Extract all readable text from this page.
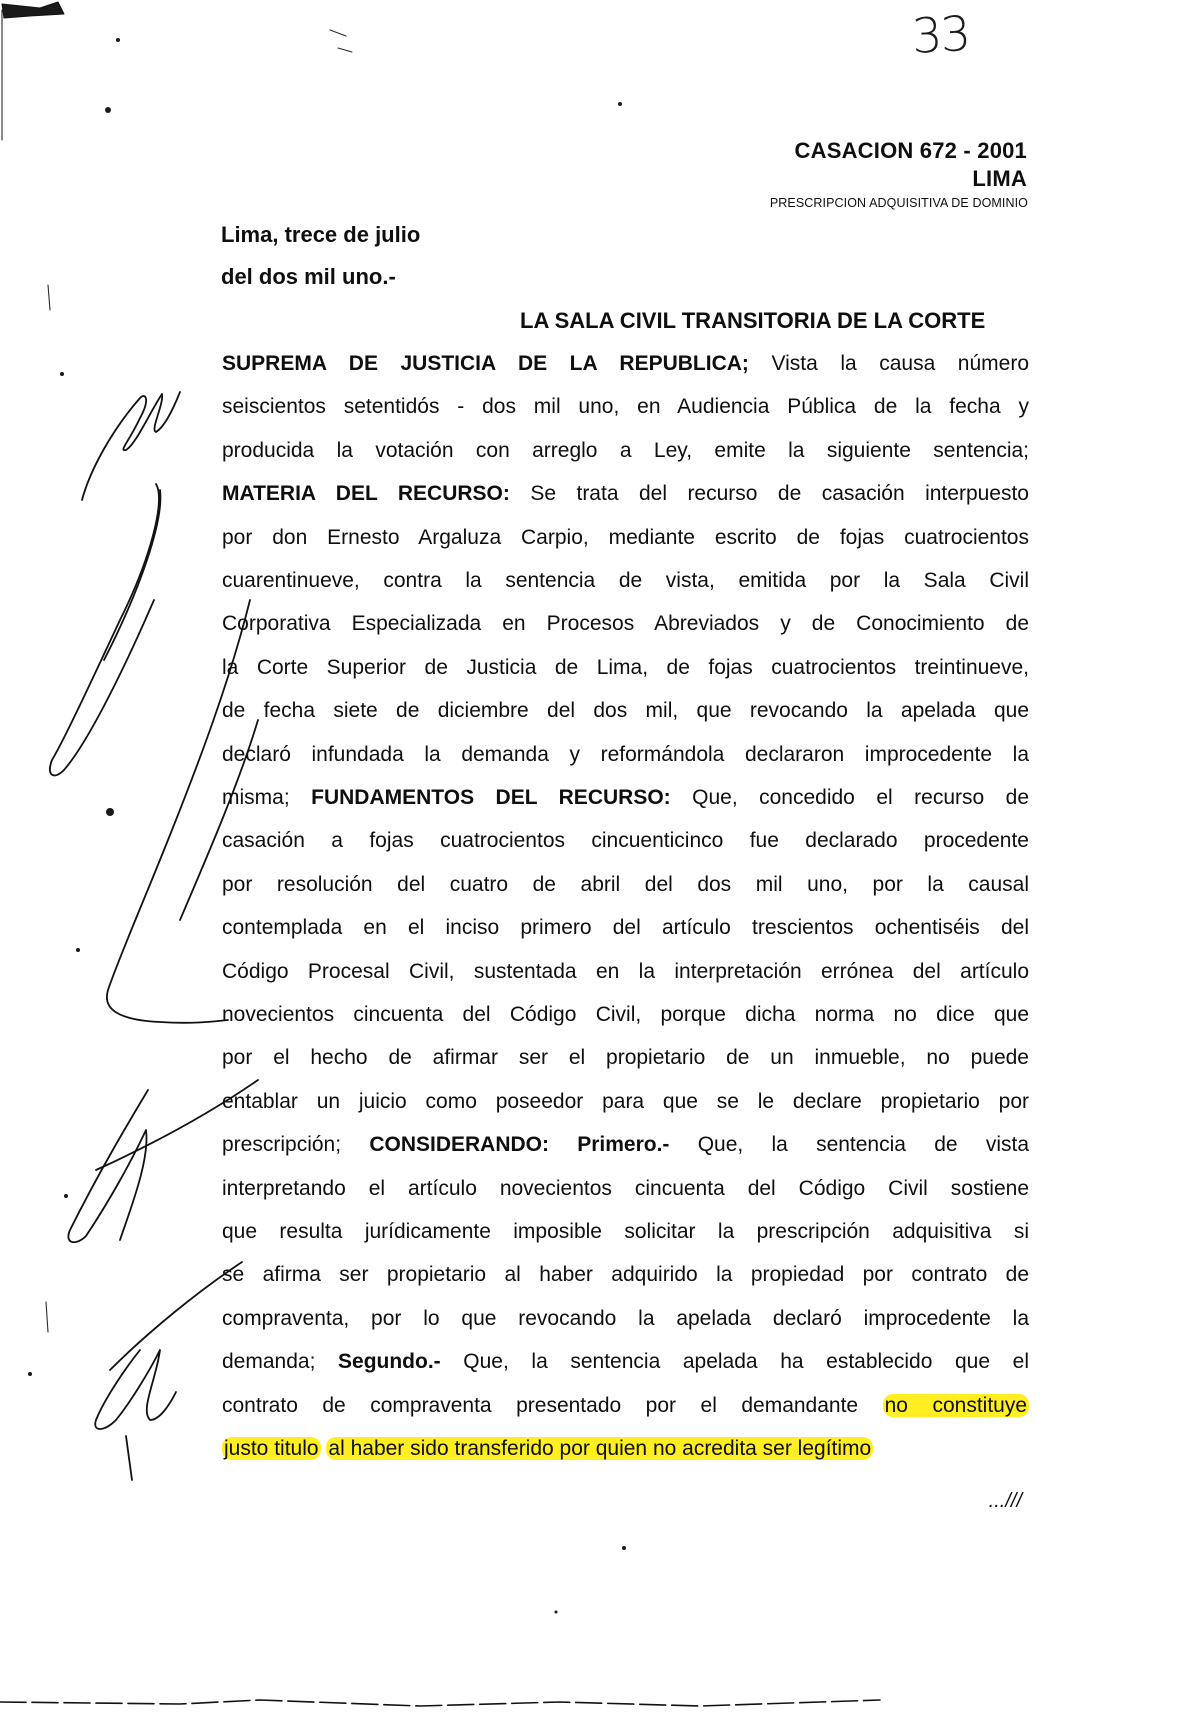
33
CASACION 672 - 2001
LIMA
PRESCRIPCION ADQUISITIVA DE DOMINIO
Lima, trece de julio
del dos mil uno.-
LA SALA CIVIL TRANSITORIA DE LA CORTE
SUPREMA DE JUSTICIA DE LA REPUBLICA; Vista la causa número
seiscientos setentidós - dos mil uno, en Audiencia Pública de la fecha y
producida la votación con arreglo a Ley, emite la siguiente sentencia;
MATERIA DEL RECURSO: Se trata del recurso de casación interpuesto
por don Ernesto Argaluza Carpio, mediante escrito de fojas cuatrocientos
cuarentinueve, contra la sentencia de vista, emitida por la Sala Civil
Corporativa Especializada en Procesos Abreviados y de Conocimiento de
la Corte Superior de Justicia de Lima, de fojas cuatrocientos treintinueve,
de fecha siete de diciembre del dos mil, que revocando la apelada que
declaró infundada la demanda y reformándola declararon improcedente la
misma; FUNDAMENTOS DEL RECURSO: Que, concedido el recurso de
casación a fojas cuatrocientos cincuenticinco fue declarado procedente
por resolución del cuatro de abril del dos mil uno, por la causal
contemplada en el inciso primero del artículo trescientos ochentiséis del
Código Procesal Civil, sustentada en la interpretación errónea del artículo
novecientos cincuenta del Código Civil, porque dicha norma no dice que
por el hecho de afirmar ser el propietario de un inmueble, no puede
entablar un juicio como poseedor para que se le declare propietario por
prescripción; CONSIDERANDO: Primero.- Que, la sentencia de vista
interpretando el artículo novecientos cincuenta del Código Civil sostiene
que resulta jurídicamente imposible solicitar la prescripción adquisitiva si
se afirma ser propietario al haber adquirido la propiedad por contrato de
compraventa, por lo que revocando la apelada declaró improcedente la
demanda; Segundo.- Que, la sentencia apelada ha establecido que el
contrato de compraventa presentado por el demandante no constituye
justo titulo al haber sido transferido por quien no acredita ser legítimo
...///
